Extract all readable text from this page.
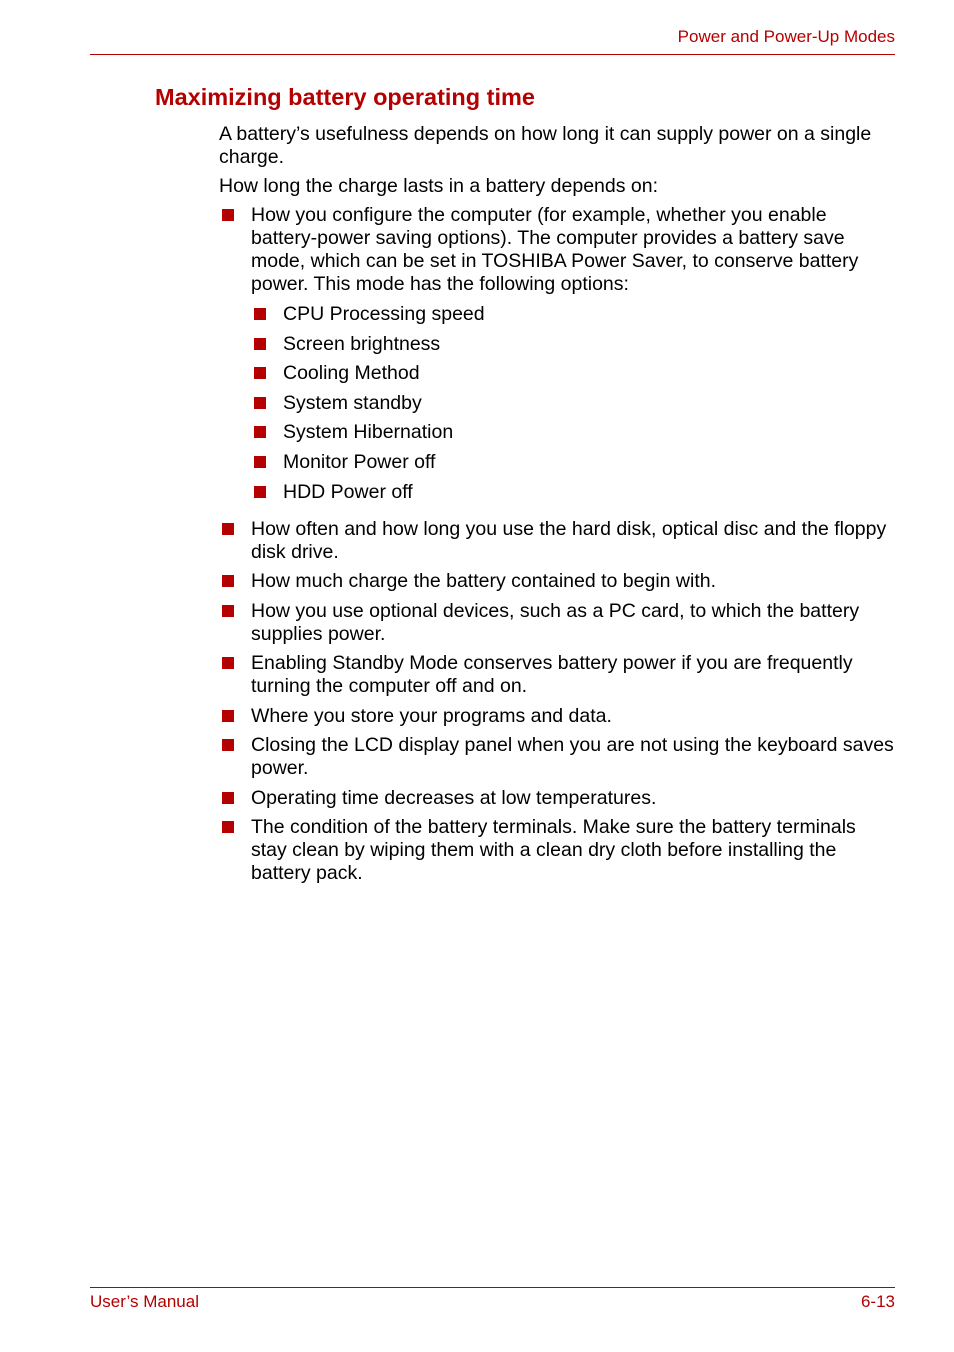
Power and Power-Up Modes
Maximizing battery operating time

A battery’s usefulness depends on how long it can supply power on a single charge.

How long the charge lasts in a battery depends on:

How you configure the computer (for example, whether you enable battery-power saving options). The computer provides a battery save mode, which can be set in TOSHIBA Power Saver, to conserve battery power. This mode has the following options:
CPU Processing speed
Screen brightness
Cooling Method
System standby
System Hibernation
Monitor Power off
HDD Power off
How often and how long you use the hard disk, optical disc and the floppy disk drive.
How much charge the battery contained to begin with.
How you use optional devices, such as a PC card, to which the battery supplies power.
Enabling Standby Mode conserves battery power if you are frequently turning the computer off and on.
Where you store your programs and data.
Closing the LCD display panel when you are not using the keyboard saves power.
Operating time decreases at low temperatures.
The condition of the battery terminals. Make sure the battery terminals stay clean by wiping them with a clean dry cloth before installing the battery pack.
User’s Manual	6-13
